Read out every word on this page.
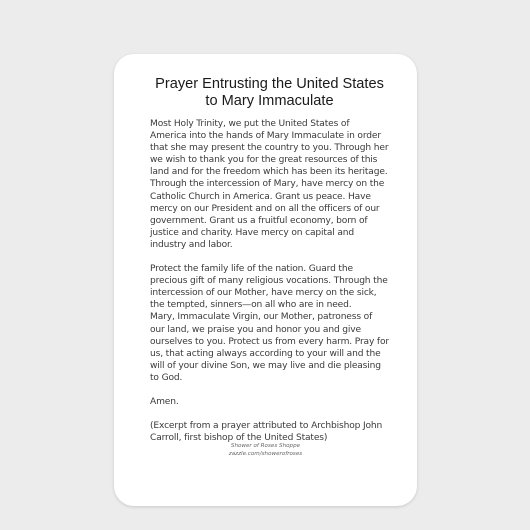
Prayer Entrusting the United States
to Mary Immaculate

Most Holy Trinity, we put the United States of
America into the hands of Mary Immaculate in order
that she may present the country to you. Through her
we wish to thank you for the great resources of this
land and for the freedom which has been its heritage.
Through the intercession of Mary, have mercy on the
Catholic Church in America. Grant us peace. Have
mercy on our President and on all the officers of our
government. Grant us a fruitful economy, born of
justice and charity. Have mercy on capital and
industry and labor.

Protect the family life of the nation. Guard the
precious gift of many religious vocations. Through the
intercession of our Mother, have mercy on the sick,
the tempted, sinners—on all who are in need.
Mary, Immaculate Virgin, our Mother, patroness of
our land, we praise you and honor you and give
ourselves to you. Protect us from every harm. Pray for
us, that acting always according to your will and the
will of your divine Son, we may live and die pleasing
to God.

Amen.

(Excerpt from a prayer attributed to Archbishop John
Carroll, first bishop of the United States)

Shower of Roses Shoppe
zazzle.com/showerofroses
